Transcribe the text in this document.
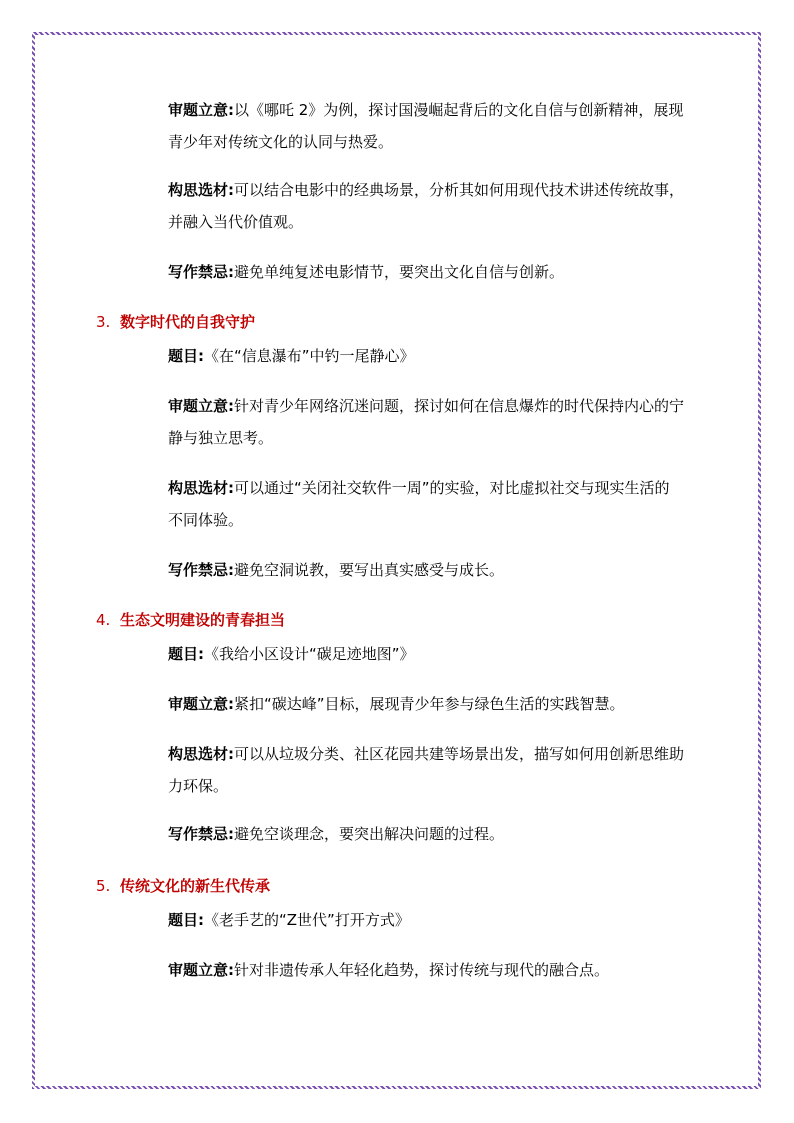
审题立意:以《哪吒 2》为例，探讨国漫崛起背后的文化自信与创新精神，展现
青少年对传统文化的认同与热爱。
构思选材:可以结合电影中的经典场景，分析其如何用现代技术讲述传统故事，
并融入当代价值观。
写作禁忌:避免单纯复述电影情节，要突出文化自信与创新。
3. 数字时代的自我守护
题目:《在“信息瀑布”中钓一尾静心》
审题立意:针对青少年网络沉迷问题，探讨如何在信息爆炸的时代保持内心的宁
静与独立思考。
构思选材:可以通过“关闭社交软件一周”的实验，对比虚拟社交与现实生活的
不同体验。
写作禁忌:避免空洞说教，要写出真实感受与成长。
4. 生态文明建设的青春担当
题目:《我给小区设计“碳足迹地图”》
审题立意:紧扣“碳达峰”目标，展现青少年参与绿色生活的实践智慧。
构思选材:可以从垃圾分类、社区花园共建等场景出发，描写如何用创新思维助
力环保。
写作禁忌:避免空谈理念，要突出解决问题的过程。
5. 传统文化的新生代传承
题目:《老手艺的“Z世代”打开方式》
审题立意:针对非遗传承人年轻化趋势，探讨传统与现代的融合点。
